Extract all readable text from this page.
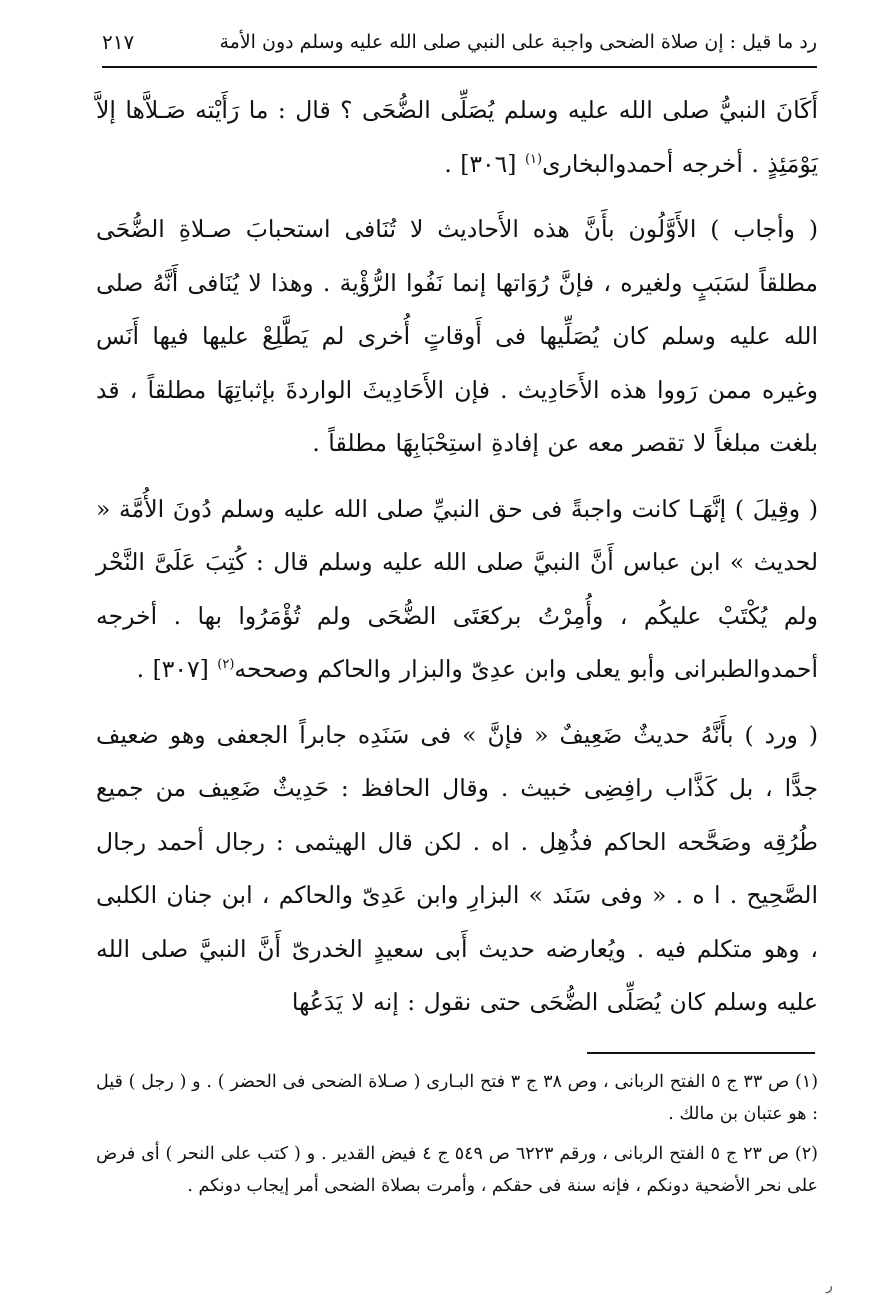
رد ما قيل : إن صلاة الضحى واجبة على النبي صلى الله عليه وسلم دون الأمة
٢١٧

أَكَانَ النبيُّ صلى الله عليه وسلم يُصَلِّى الضُّحَى ؟ قال : ما رَأَيْته صَـلاَّها إلاَّ يَوْمَئِذٍ . أخرجه أحمدوالبخارى$^{(١)}$ [٣٠٦] .

( وأجاب ) الأَوَّلُون بأَنَّ هذه الأَحاديث لا تُنَافى استحبابَ صـلاةِ الضُّحَى مطلقاً لسَبَبٍ ولغيره ، فإنَّ رُوَاتها إنما نَفُوا الرُّؤْية . وهذا لا يُنَافى أَنَّهُ صلى الله عليه وسلم كان يُصَلِّيها فى أَوقاتٍ أُخرى لم يَطَّلِعْ عليها فيها أَنَس وغيره ممن رَووا هذه الأَحَادِيث . فإن الأَحَادِيثَ الواردةَ بإثباتِهَا مطلقاً ، قد بلغت مبلغاً لا تقصر معه عن إفادةِ استِحْبَابِهَا مطلقاً .

( وقِيلَ ) إنَّهَـا كانت واجبةً فى حق النبيِّ صلى الله عليه وسلم دُونَ الأُمَّة « لحديث » ابن عباس أَنَّ النبيَّ صلى الله عليه وسلم قال : كُتِبَ عَلَىَّ النَّحْر ولم يُكْتَبْ عليكُم ، وأُمِرْتُ بركعَتَى الضُّحَى ولم تُؤْمَرُوا بها . أخرجه أحمدوالطبرانى وأبو يعلى وابن عدِىّ والبزار والحاكم وصححه$^{(٢)}$ [٣٠٧] .

( ورد ) بأَنَّهُ حديثٌ ضَعِيفٌ « فإنَّ » فى سَنَدِه جابراً الجعفى وهو ضعيف جدًّا ، بل كَذَّاب رافِضِى خبيث . وقال الحافظ : حَدِيثٌ ضَعِيف من جميع طُرُقِه وصَحَّحه الحاكم فذُهِل . اه . لكن قال الهيثمى : رجال أحمد رجال الصَّحِيح . ا ه . « وفى سَنَد » البزارِ وابن عَدِىّ والحاكم ، ابن جنان الكلبى ، وهو متكلم فيه . ويُعارضه حديث أَبى سعيدٍ الخدرىّ أَنَّ النبيَّ صلى الله عليه وسلم كان يُصَلِّى الضُّحَى حتى نقول : إنه لا يَدَعُها

(١) ص ٣٣ ج ٥ الفتح الربانى ، وص ٣٨ ج ٣ فتح البـارى ( صـلاة الضحى فى الحضر ) . و ( رجل ) قيل : هو عتبان بن مالك .

(٢) ص ٢٣ ج ٥ الفتح الربانى ، ورقم ٦٢٢٣ ص ٥٤٩ ج ٤ فيض القدير . و ( كتب على النحر ) أى فرض على نحر الأضحية دونكم ، فإنه سنة فى حقكم ، وأمرت بصلاة الضحى أمر إيجاب دونكم .

ر
